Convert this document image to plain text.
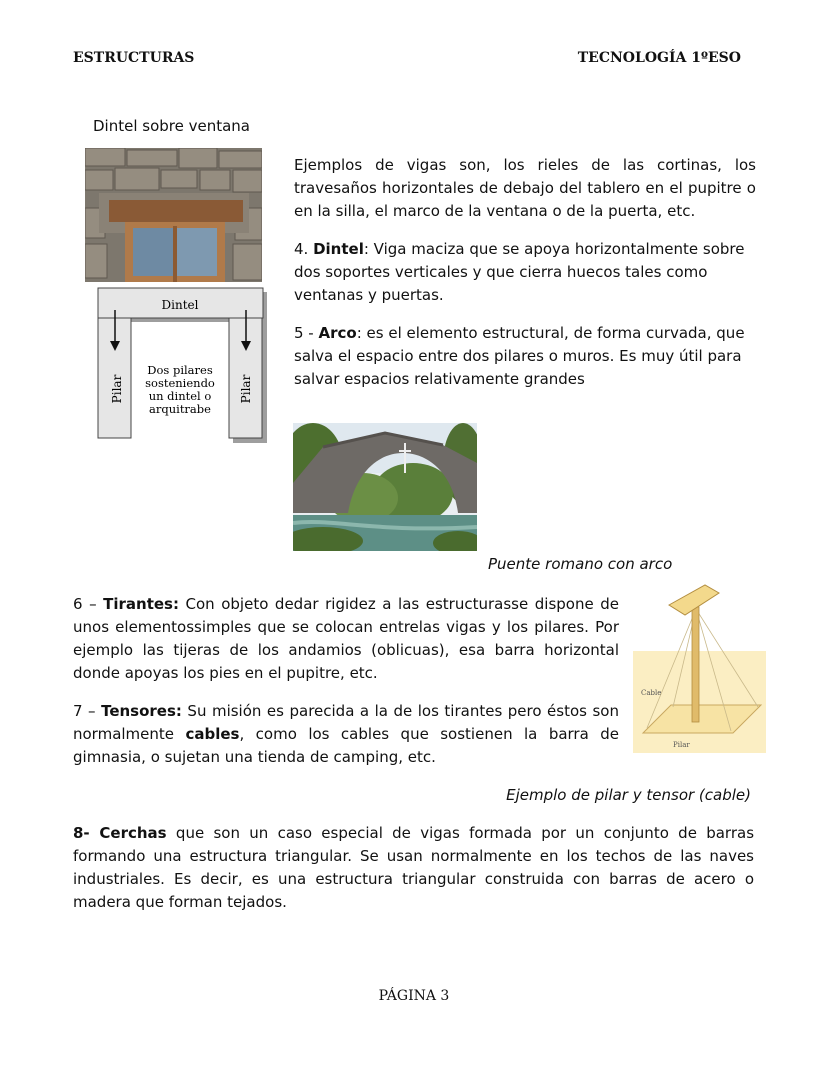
ESTRUCTURAS	TECNOLOGÍA 1ºESO
Dintel sobre ventana
Dintel
Pilar	Pilar
Dos pilares
sosteniendo
un dintel o
arquitrabe
Ejemplos de vigas son, los rieles de las cortinas, los travesaños horizontales de debajo del tablero en el pupitre o en la silla, el marco de la ventana o de la puerta, etc.
4. Dintel: Viga maciza que se apoya horizontalmente sobre dos soportes verticales y que cierra huecos tales como ventanas y puertas.
5 - Arco: es el elemento estructural, de forma curvada, que salva el espacio entre dos pilares o muros. Es muy útil para salvar espacios relativamente grandes
Puente romano con arco
6 – Tirantes: Con objeto dedar rigidez a las estructurasse dispone de unos elementossimples que se colocan entrelas vigas y los pilares. Por ejemplo las tijeras de los andamios (oblicuas), esa barra horizontal donde apoyas los pies en el pupitre, etc.
7 – Tensores: Su misión es parecida a la de los tirantes pero éstos son normalmente cables, como los cables que sostienen la barra de gimnasia, o sujetan una tienda de camping, etc.
Cable
Pilar
Ejemplo de pilar y tensor (cable)
8- Cerchas que son un caso especial de vigas formada por un conjunto de barras formando una estructura triangular. Se usan normalmente en los techos de las naves industriales. Es decir, es una estructura triangular construida con barras de acero o madera que forman tejados.
PÁGINA 3
